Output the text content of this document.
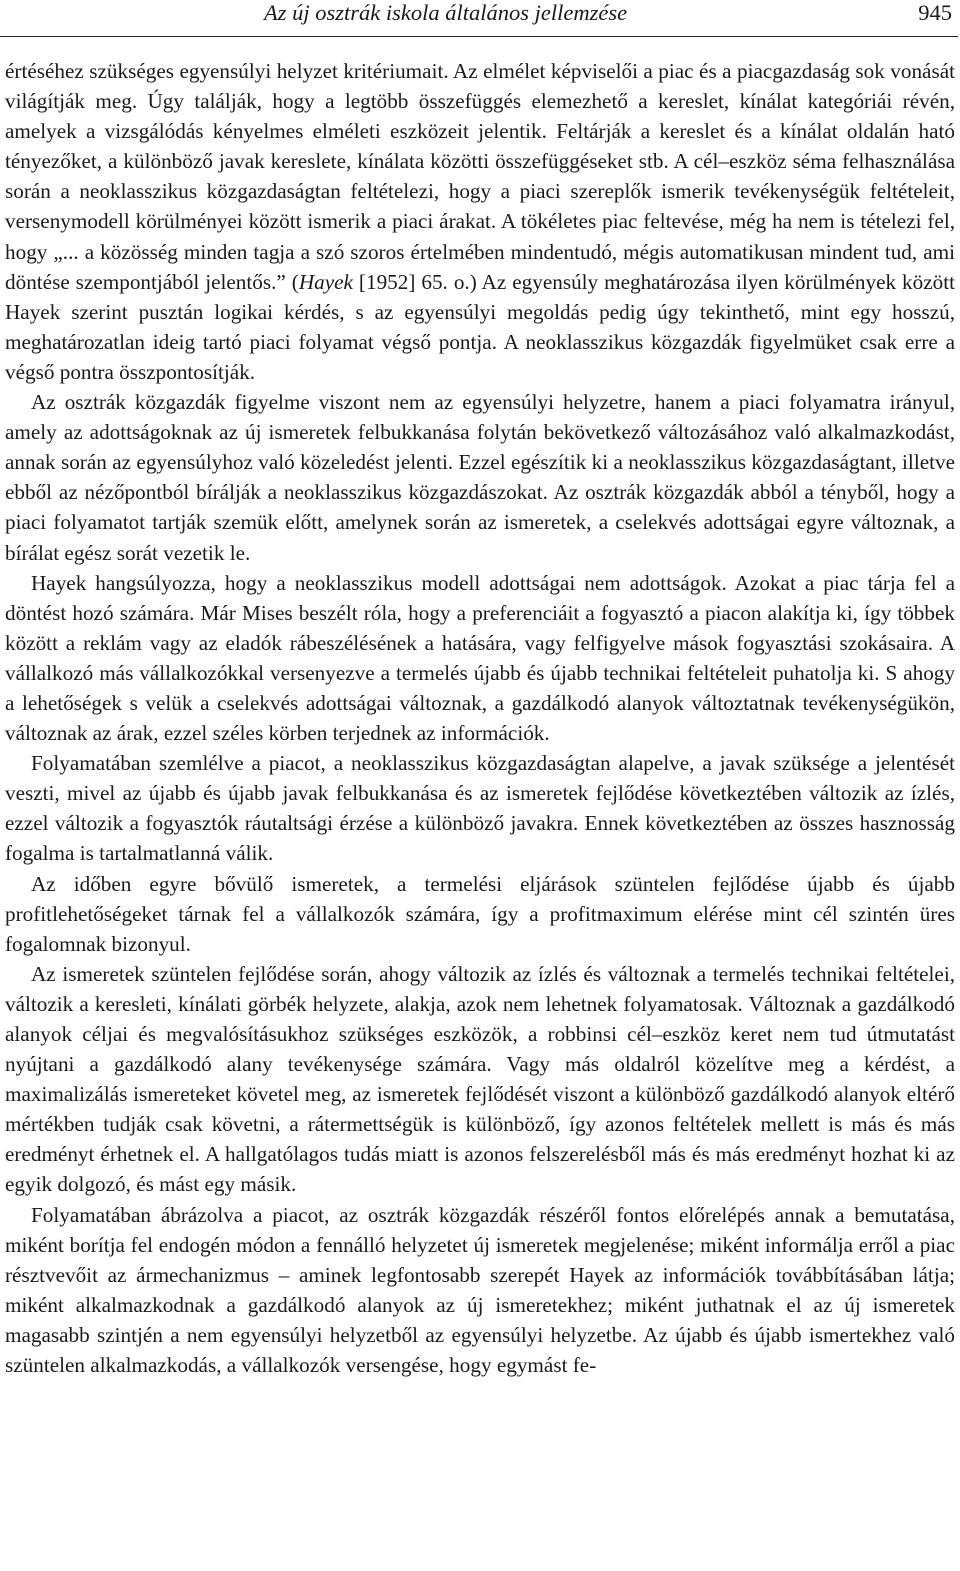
Az új osztrák iskola általános jellemzése	945

értéséhez szükséges egyensúlyi helyzet kritériumait. Az elmélet képviselői a piac és a piacgazdaság sok vonását világítják meg. Úgy találják, hogy a legtöbb összefüggés elemezhető a kereslet, kínálat kategóriái révén, amelyek a vizsgálódás kényelmes elméleti eszközeit jelentik. Feltárják a kereslet és a kínálat oldalán ható tényezőket, a különböző javak kereslete, kínálata közötti összefüggéseket stb. A cél–eszköz séma felhasználása során a neoklasszikus közgazdaságtan feltételezi, hogy a piaci szereplők ismerik tevékenységük feltételeit, versenymodell körülményei között ismerik a piaci árakat. A tökéletes piac feltevése, még ha nem is tételezi fel, hogy „... a közösség minden tagja a szó szoros értelmében mindentudó, mégis automatikusan mindent tud, ami döntése szempontjából jelentős.” (Hayek [1952] 65. o.) Az egyensúly meghatározása ilyen körülmények között Hayek szerint pusztán logikai kérdés, s az egyensúlyi megoldás pedig úgy tekinthető, mint egy hosszú, meghatározatlan ideig tartó piaci folyamat végső pontja. A neoklasszikus közgazdák figyelmüket csak erre a végső pontra összpontosítják.

Az osztrák közgazdák figyelme viszont nem az egyensúlyi helyzetre, hanem a piaci folyamatra irányul, amely az adottságoknak az új ismeretek felbukkanása folytán bekövetkező változásához való alkalmazkodást, annak során az egyensúlyhoz való közeledést jelenti. Ezzel egészítik ki a neoklasszikus közgazdaságtant, illetve ebből az nézőpontból bírálják a neoklasszikus közgazdászokat. Az osztrák közgazdák abból a tényből, hogy a piaci folyamatot tartják szemük előtt, amelynek során az ismeretek, a cselekvés adottságai egyre változnak, a bírálat egész sorát vezetik le.

Hayek hangsúlyozza, hogy a neoklasszikus modell adottságai nem adottságok. Azokat a piac tárja fel a döntést hozó számára. Már Mises beszélt róla, hogy a preferenciáit a fogyasztó a piacon alakítja ki, így többek között a reklám vagy az eladók rábeszélésének a hatására, vagy felfigyelve mások fogyasztási szokásaira. A vállalkozó más vállalkozókkal versenyezve a termelés újabb és újabb technikai feltételeit puhatolja ki. S ahogy a lehetőségek s velük a cselekvés adottságai változnak, a gazdálkodó alanyok változtatnak tevékenységükön, változnak az árak, ezzel széles körben terjednek az információk.

Folyamatában szemlélve a piacot, a neoklasszikus közgazdaságtan alapelve, a javak szüksége a jelentését veszti, mivel az újabb és újabb javak felbukkanása és az ismeretek fejlődése következtében változik az ízlés, ezzel változik a fogyasztók ráutaltsági érzése a különböző javakra. Ennek következtében az összes hasznosság fogalma is tartalmatlanná válik.

Az időben egyre bővülő ismeretek, a termelési eljárások szüntelen fejlődése újabb és újabb profitlehetőségeket tárnak fel a vállalkozók számára, így a profitmaximum elérése mint cél szintén üres fogalomnak bizonyul.

Az ismeretek szüntelen fejlődése során, ahogy változik az ízlés és változnak a termelés technikai feltételei, változik a keresleti, kínálati görbék helyzete, alakja, azok nem lehetnek folyamatosak. Változnak a gazdálkodó alanyok céljai és megvalósításukhoz szükséges eszközök, a robbinsi cél–eszköz keret nem tud útmutatást nyújtani a gazdálkodó alany tevékenysége számára. Vagy más oldalról közelítve meg a kérdést, a maximalizálás ismereteket követel meg, az ismeretek fejlődését viszont a különböző gazdálkodó alanyok eltérő mértékben tudják csak követni, a rátermettségük is különböző, így azonos feltételek mellett is más és más eredményt érhetnek el. A hallgatólagos tudás miatt is azonos felszerelésből más és más eredményt hozhat ki az egyik dolgozó, és mást egy másik.

Folyamatában ábrázolva a piacot, az osztrák közgazdák részéről fontos előrelépés annak a bemutatása, miként borítja fel endogén módon a fennálló helyzetet új ismeretek megjelenése; miként informálja erről a piac résztvevőit az ármechanizmus – aminek legfontosabb szerepét Hayek az információk továbbításában látja; miként alkalmazkodnak a gazdálkodó alanyok az új ismeretekhez; miként juthatnak el az új ismeretek magasabb szintjén a nem egyensúlyi helyzetből az egyensúlyi helyzetbe. Az újabb és újabb ismertekhez való szüntelen alkalmazkodás, a vállalkozók versengése, hogy egymást fe-
